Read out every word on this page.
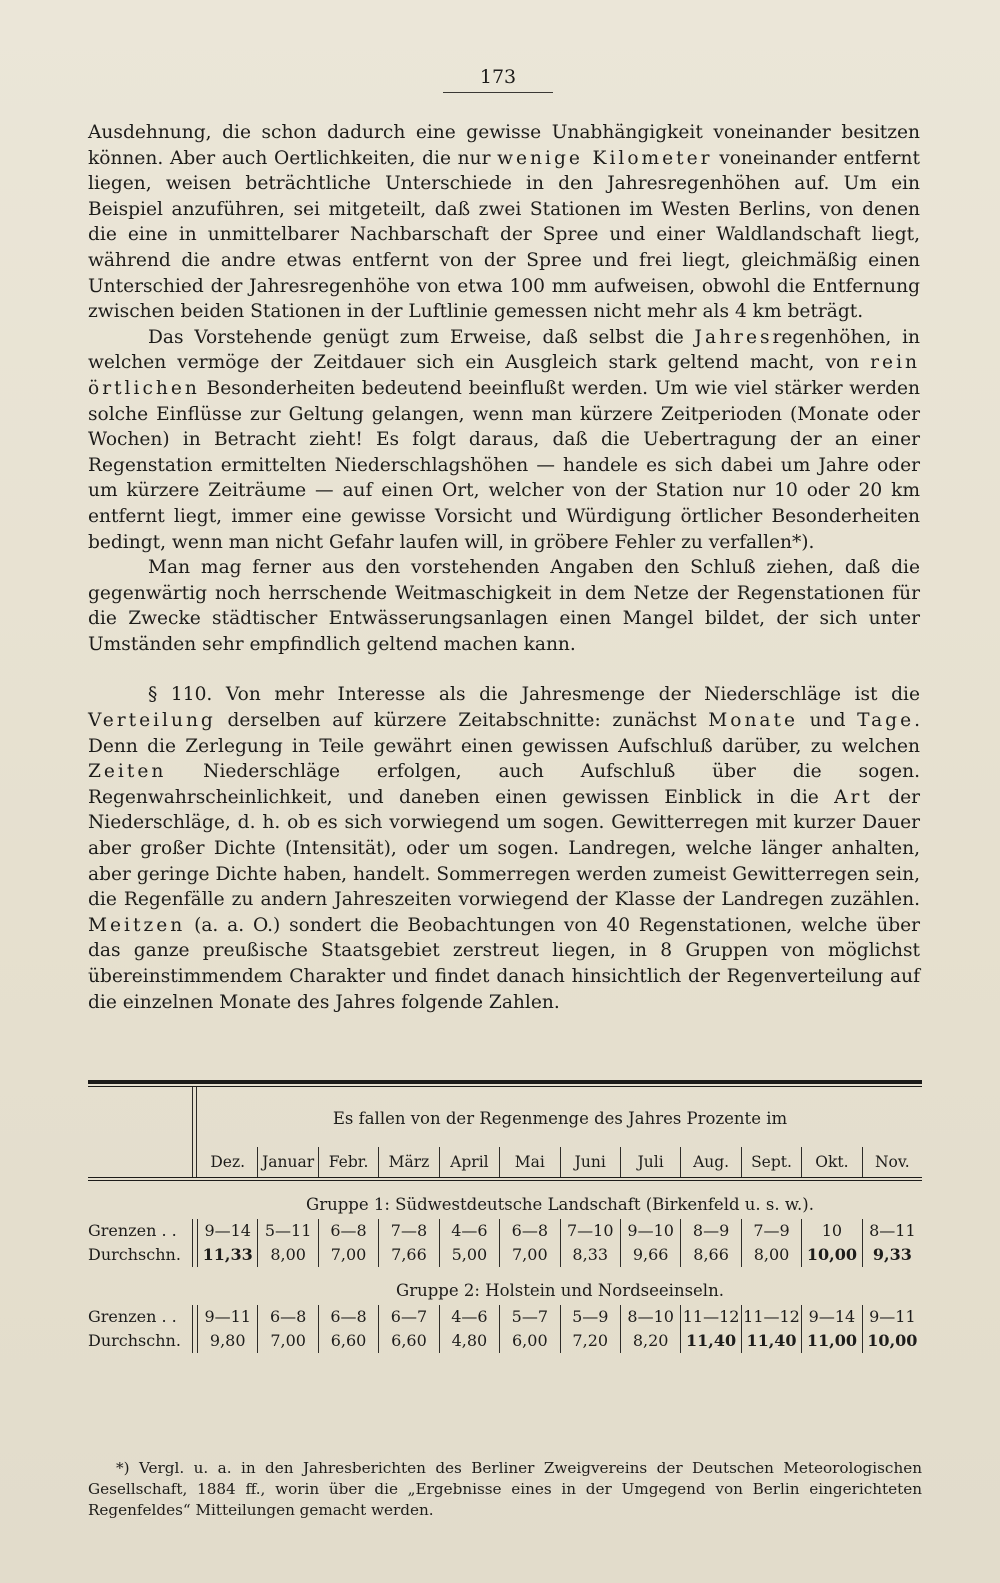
173

Ausdehnung, die schon dadurch eine gewisse Unabhängigkeit voneinander besitzen können. Aber auch Oertlichkeiten, die nur wenige Kilometer voneinander entfernt liegen, weisen beträchtliche Unterschiede in den Jahresregenhöhen auf. Um ein Beispiel anzuführen, sei mitgeteilt, daß zwei Stationen im Westen Berlins, von denen die eine in unmittelbarer Nachbarschaft der Spree und einer Waldlandschaft liegt, während die andre etwas entfernt von der Spree und frei liegt, gleichmäßig einen Unterschied der Jahresregenhöhe von etwa 100 mm aufweisen, obwohl die Entfernung zwischen beiden Stationen in der Luftlinie gemessen nicht mehr als 4 km beträgt.

Das Vorstehende genügt zum Erweise, daß selbst die Jahresregenhöhen, in welchen vermöge der Zeitdauer sich ein Ausgleich stark geltend macht, von rein örtlichen Besonderheiten bedeutend beeinflußt werden. Um wie viel stärker werden solche Einflüsse zur Geltung gelangen, wenn man kürzere Zeitperioden (Monate oder Wochen) in Betracht zieht! Es folgt daraus, daß die Uebertragung der an einer Regenstation ermittelten Niederschlagshöhen — handele es sich dabei um Jahre oder um kürzere Zeiträume — auf einen Ort, welcher von der Station nur 10 oder 20 km entfernt liegt, immer eine gewisse Vorsicht und Würdigung örtlicher Besonderheiten bedingt, wenn man nicht Gefahr laufen will, in gröbere Fehler zu verfallen*).

Man mag ferner aus den vorstehenden Angaben den Schluß ziehen, daß die gegenwärtig noch herrschende Weitmaschigkeit in dem Netze der Regenstationen für die Zwecke städtischer Entwässerungsanlagen einen Mangel bildet, der sich unter Umständen sehr empfindlich geltend machen kann.

§ 110. Von mehr Interesse als die Jahresmenge der Niederschläge ist die Verteilung derselben auf kürzere Zeitabschnitte: zunächst Monate und Tage. Denn die Zerlegung in Teile gewährt einen gewissen Aufschluß darüber, zu welchen Zeiten Niederschläge erfolgen, auch Aufschluß über die sogen. Regenwahrscheinlichkeit, und daneben einen gewissen Einblick in die Art der Niederschläge, d. h. ob es sich vorwiegend um sogen. Gewitterregen mit kurzer Dauer aber großer Dichte (Intensität), oder um sogen. Landregen, welche länger anhalten, aber geringe Dichte haben, handelt. Sommerregen werden zumeist Gewitterregen sein, die Regenfälle zu andern Jahreszeiten vorwiegend der Klasse der Landregen zuzählen. Meitzen (a. a. O.) sondert die Beobachtungen von 40 Regenstationen, welche über das ganze preußische Staatsgebiet zerstreut liegen, in 8 Gruppen von möglichst übereinstimmendem Charakter und findet danach hinsichtlich der Regenverteilung auf die einzelnen Monate des Jahres folgende Zahlen.

Es fallen von der Regenmenge des Jahres Prozente im
Dez.	Januar Febr.	März	April	Mai	Juni	Juli	Aug.	Sept.	Okt.	Nov.
Gruppe 1: Südwestdeutsche Landschaft (Birkenfeld u. s. w.).
Grenzen . .	9—14 5—11	6—8	7—8	4—6	6—8	7—10 9—10	8—9	7—9	10	8—11
Durchschn.	11,33	8,00	7,00	7,66	5,00	7,00	8,33	9,66	8,66	8,00	10,00 9,33
Gruppe 2: Holstein und Nordseeinseln.
Grenzen . .	9—11	6—8	6—8	6—7	4—6	5—7	5—9	8—10 11—12 11—12 9—14 9—11
Durchschn.	9,80	7,00	6,60	6,60	4,80	6,00	7,20	8,20	11,40 11,40 11,00 10,00

*) Vergl. u. a. in den Jahresberichten des Berliner Zweigvereins der Deutschen Meteorologischen Gesellschaft, 1884 ff., worin über die „Ergebnisse eines in der Umgegend von Berlin eingerichteten Regenfeldes“ Mitteilungen gemacht werden.
